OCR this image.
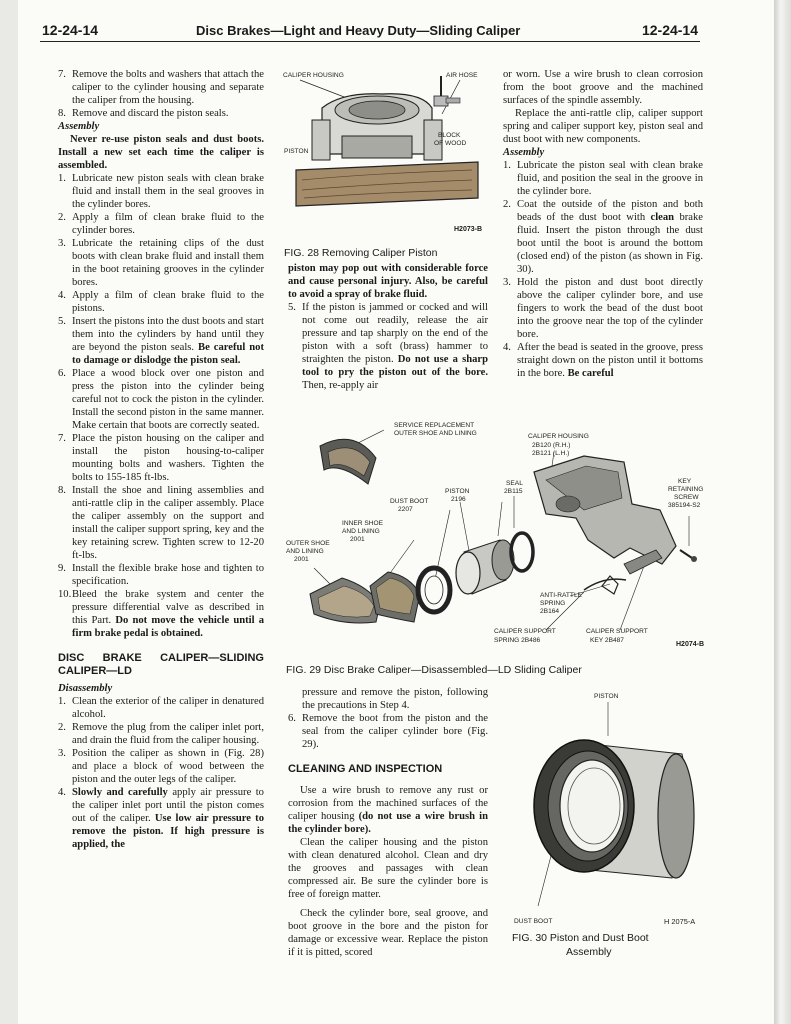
12-24-14	Disc Brakes—Light and Heavy Duty—Sliding Caliper	12-24-14
7. Remove the bolts and washers that attach the caliper to the cylinder housing and separate the caliper from the housing.
8. Remove and discard the piston seals.
Assembly
Never re-use piston seals and dust boots. Install a new set each time the caliper is assembled.
1. Lubricate new piston seals with clean brake fluid and install them in the seal grooves in the cylinder bores.
2. Apply a film of clean brake fluid to the cylinder bores.
3. Lubricate the retaining clips of the dust boots with clean brake fluid and install them in the boot retaining grooves in the cylinder bores.
4. Apply a film of clean brake fluid to the pistons.
5. Insert the pistons into the dust boots and start them into the cylinders by hand until they are beyond the piston seals. Be careful not to damage or dislodge the piston seal.
6. Place a wood block over one piston and press the piston into the cylinder being careful not to cock the piston in the cylinder. Install the second piston in the same manner. Make certain that boots are correctly seated.
7. Place the piston housing on the caliper and install the piston housing-to-caliper mounting bolts and washers. Tighten the bolts to 155-185 ft-lbs.
8. Install the shoe and lining assemblies and anti-rattle clip in the caliper assembly. Place the caliper assembly on the support and install the caliper support spring, key and the key retaining screw. Tighten screw to 12-20 ft-lbs.
9. Install the flexible brake hose and tighten to specification.
10. Bleed the brake system and center the pressure differential valve as described in this Part. Do not move the vehicle until a firm brake pedal is obtained.
DISC BRAKE CALIPER—SLIDING CALIPER—LD
Disassembly
1. Clean the exterior of the caliper in denatured alcohol.
2. Remove the plug from the caliper inlet port, and drain the fluid from the caliper housing.
3. Position the caliper as shown in (Fig. 28) and place a block of wood between the piston and the outer legs of the caliper.
4. Slowly and carefully apply air pressure to the caliper inlet port until the piston comes out of the caliper. Use low air pressure to remove the piston. If high pressure is applied, the
CALIPER HOUSING	AIR HOSE
BLOCK
OF WOOD
PISTON
H2073-B
FIG. 28 Removing Caliper Piston
piston may pop out with considerable force and cause personal injury. Also, be careful to avoid a spray of brake fluid.
5. If the piston is jammed or cocked and will not come out readily, release the air pressure and tap sharply on the end of the piston with a soft (brass) hammer to straighten the piston. Do not use a sharp tool to pry the piston out of the bore. Then, re-apply air
or worn. Use a wire brush to clean corrosion from the boot groove and the machined surfaces of the spindle assembly.
Replace the anti-rattle clip, caliper support spring and caliper support key, piston seal and dust boot with new components.
Assembly
1. Lubricate the piston seal with clean brake fluid, and position the seal in the groove in the cylinder bore.
2. Coat the outside of the piston and both beads of the dust boot with clean brake fluid. Insert the piston through the dust boot until the boot is around the bottom (closed end) of the piston (as shown in Fig. 30).
3. Hold the piston and dust boot directly above the caliper cylinder bore, and use fingers to work the bead of the dust boot into the groove near the top of the cylinder bore.
4. After the bead is seated in the groove, press straight down on the piston until it bottoms in the bore. Be careful
SERVICE REPLACEMENT
OUTER SHOE AND LINING	CALIPER HOUSING
2B120 (R.H.)
2B121 (L.H.)
KEY
RETAINING
SCREW
385194-S2
SEAL
2B115
PISTON
2196
DUST BOOT
2207
INNER SHOE
AND LINING
2001
OUTER SHOE
AND LINING
2001
ANTI-RATTLE
SPRING
2B164
CALIPER SUPPORT
SPRING 2B486
CALIPER SUPPORT
KEY 2B487
H2074-B
FIG. 29 Disc Brake Caliper—Disassembled—LD Sliding Caliper
pressure and remove the piston, following the precautions in Step 4.
6. Remove the boot from the piston and the seal from the caliper cylinder bore (Fig. 29).
CLEANING AND INSPECTION
Use a wire brush to remove any rust or corrosion from the machined surfaces of the caliper housing (do not use a wire brush in the cylinder bore).
Clean the caliper housing and the piston with clean denatured alcohol. Clean and dry the grooves and passages with clean compressed air. Be sure the cylinder bore is free of foreign matter.
Check the cylinder bore, seal groove, and boot groove in the bore and the piston for damage or excessive wear. Replace the piston if it is pitted, scored
PISTON
DUST BOOT	H 2075-A
FIG. 30 Piston and Dust Boot
Assembly
